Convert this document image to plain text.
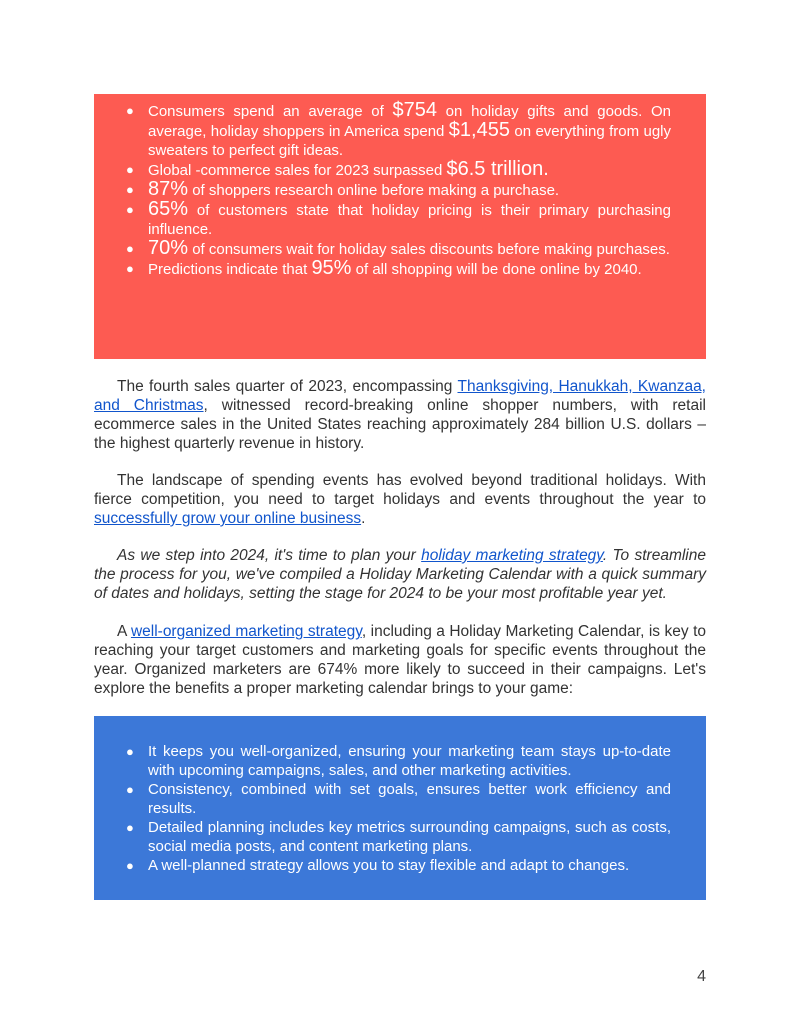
● Consumers spend an average of $754 on holiday gifts and goods. On average, holiday shoppers in America spend $1,455 on everything from ugly sweaters to perfect gift ideas.
● Global -commerce sales for 2023 surpassed $6.5 trillion.
● 87% of shoppers research online before making a purchase.
● 65% of customers state that holiday pricing is their primary purchasing influence.
● 70% of consumers wait for holiday sales discounts before making purchases.
● Predictions indicate that 95% of all shopping will be done online by 2040.

The fourth sales quarter of 2023, encompassing Thanksgiving, Hanukkah, Kwanzaa, and Christmas, witnessed record-breaking online shopper numbers, with retail ecommerce sales in the United States reaching approximately 284 billion U.S. dollars – the highest quarterly revenue in history.

The landscape of spending events has evolved beyond traditional holidays. With fierce competition, you need to target holidays and events throughout the year to successfully grow your online business.

As we step into 2024, it's time to plan your holiday marketing strategy. To streamline the process for you, we've compiled a Holiday Marketing Calendar with a quick summary of dates and holidays, setting the stage for 2024 to be your most profitable year yet.

A well-organized marketing strategy, including a Holiday Marketing Calendar, is key to reaching your target customers and marketing goals for specific events throughout the year. Organized marketers are 674% more likely to succeed in their campaigns. Let's explore the benefits a proper marketing calendar brings to your game:

● It keeps you well-organized, ensuring your marketing team stays up-to-date with upcoming campaigns, sales, and other marketing activities.
● Consistency, combined with set goals, ensures better work efficiency and results.
● Detailed planning includes key metrics surrounding campaigns, such as costs, social media posts, and content marketing plans.
● A well-planned strategy allows you to stay flexible and adapt to changes.
4
